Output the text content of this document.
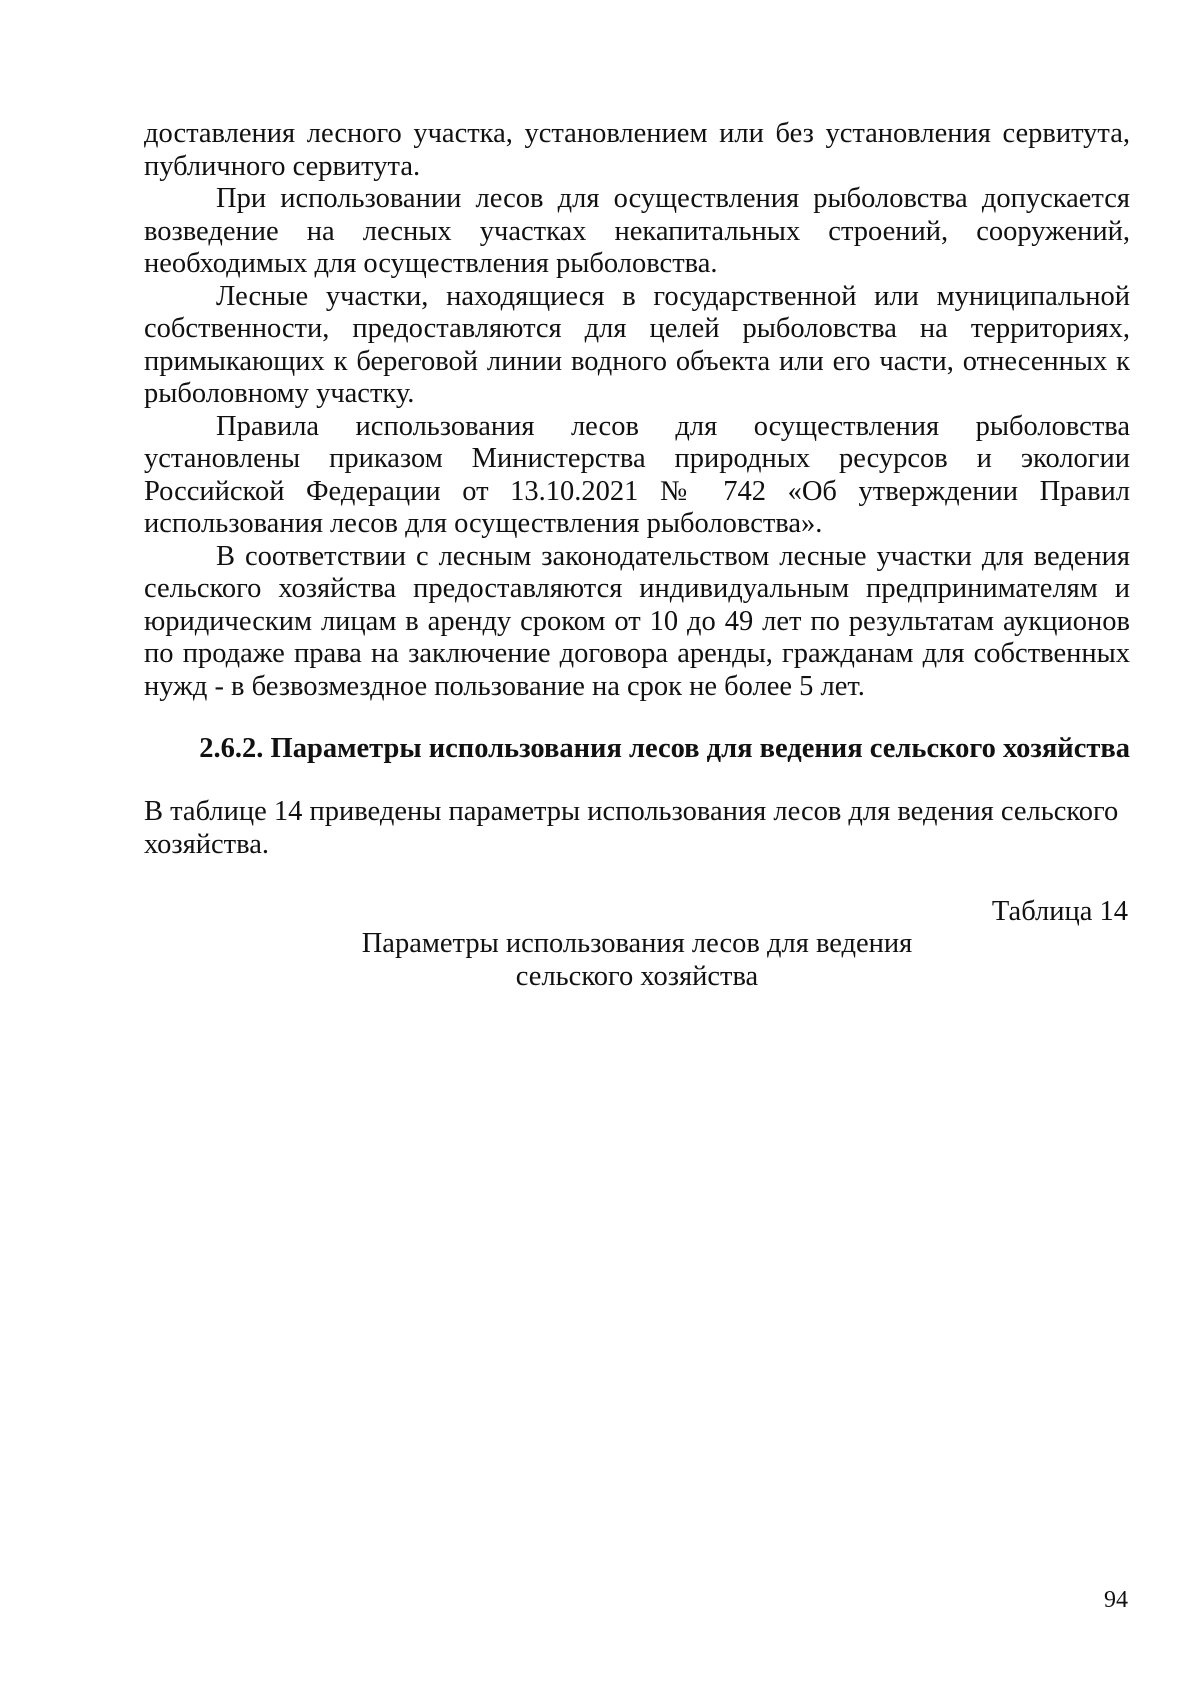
доставления лесного участка, установлением или без установления сервитута, публичного сервитута.

При использовании лесов для осуществления рыболовства допускается возведение на лесных участках некапитальных строений, сооружений, необходимых для осуществления рыболовства.

Лесные участки, находящиеся в государственной или муниципальной собственности, предоставляются для целей рыболовства на территориях, примыкающих к береговой линии водного объекта или его части, отнесенных к рыболовному участку.

Правила использования лесов для осуществления рыболовства установлены приказом Министерства природных ресурсов и экологии Российской Федерации от 13.10.2021 № 742 «Об утверждении Правил использования лесов для осуществления рыболовства».

В соответствии с лесным законодательством лесные участки для ведения сельского хозяйства предоставляются индивидуальным предпринимателям и юридическим лицам в аренду сроком от 10 до 49 лет по результатам аукционов по продаже права на заключение договора аренды, гражданам для собственных нужд - в безвозмездное пользование на срок не более 5 лет.

2.6.2. Параметры использования лесов для ведения сельского хозяйства

В таблице 14 приведены параметры использования лесов для ведения сельского хозяйства.

Таблица 14

Параметры использования лесов для ведения
сельского хозяйства

94
